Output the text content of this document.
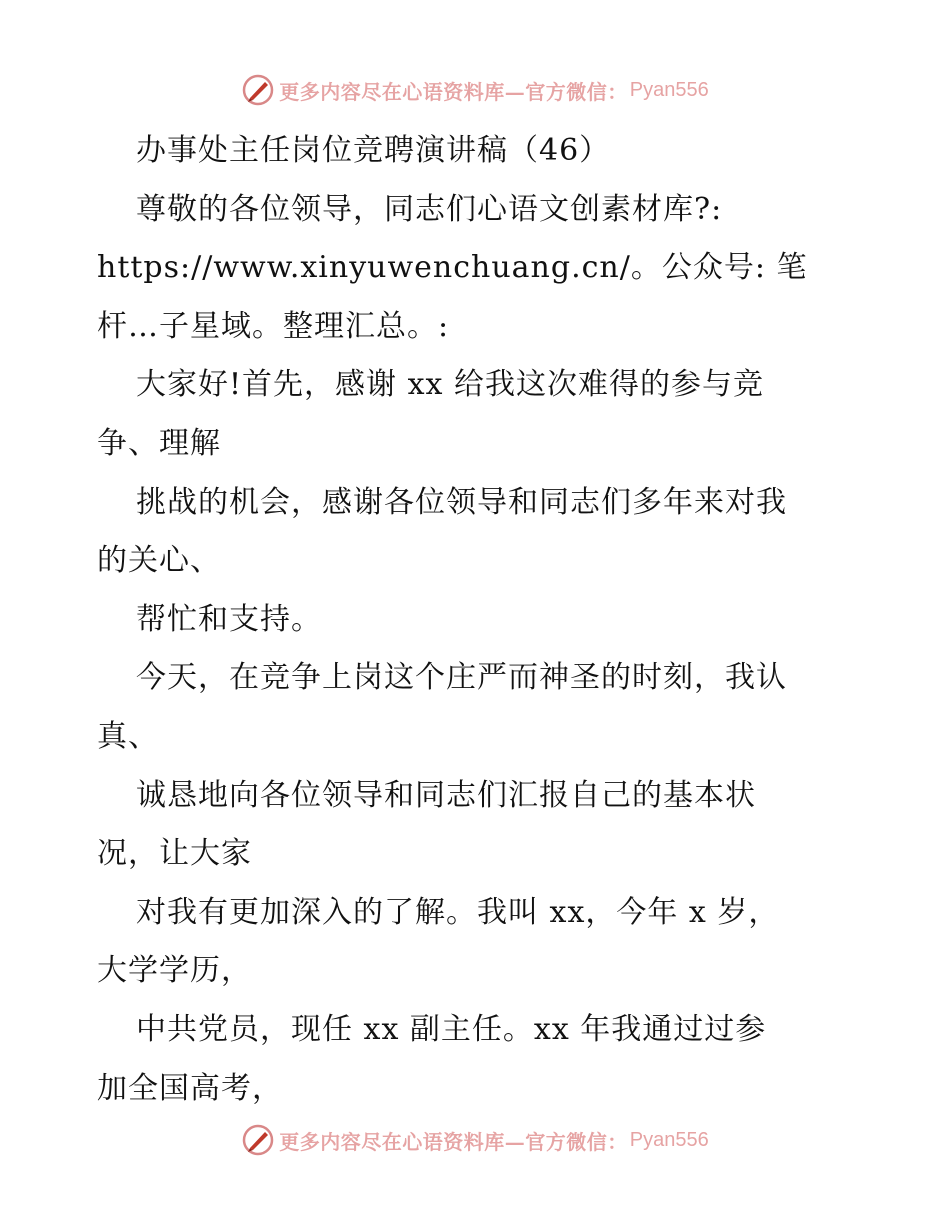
更多内容尽在心语资料库—官方微信： Pyan556
办事处主任岗位竞聘演讲稿（46）
尊敬的各位领导，同志们心语文创素材库?:
https://www.xinyuwenchuang.cn/。公众号: 笔
杆…子星域。整理汇总。:
大家好!首先，感谢 xx 给我这次难得的参与竞
争、理解
挑战的机会，感谢各位领导和同志们多年来对我
的关心、
帮忙和支持。
今天，在竞争上岗这个庄严而神圣的时刻，我认
真、
诚恳地向各位领导和同志们汇报自己的基本状
况，让大家
对我有更加深入的了解。我叫 xx，今年 x 岁，
大学学历，
中共党员，现任 xx 副主任。xx 年我通过过参
加全国高考，
更多内容尽在心语资料库—官方微信： Pyan556
